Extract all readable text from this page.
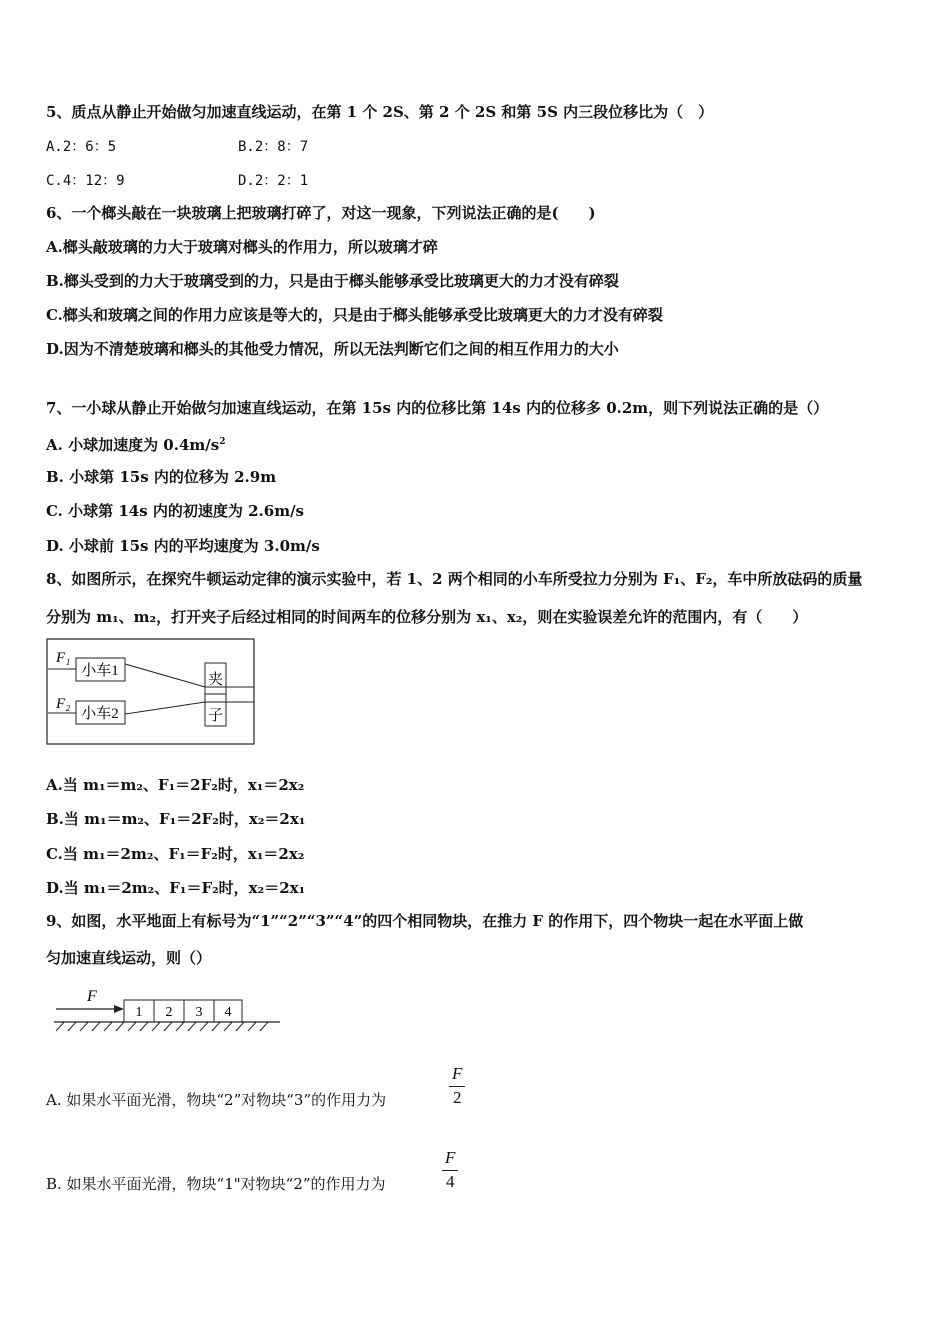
5、质点从静止开始做匀加速直线运动，在第 1 个 2S、第 2 个 2S 和第 5S 内三段位移比为（　）
A.2：6：5	B.2：8：7
C.4：12：9	D.2：2：1
6、一个榔头敲在一块玻璃上把玻璃打碎了，对这一现象，下列说法正确的是(　　)
A.榔头敲玻璃的力大于玻璃对榔头的作用力，所以玻璃才碎
B.榔头受到的力大于玻璃受到的力，只是由于榔头能够承受比玻璃更大的力才没有碎裂
C.榔头和玻璃之间的作用力应该是等大的，只是由于榔头能够承受比玻璃更大的力才没有碎裂
D.因为不清楚玻璃和榔头的其他受力情况，所以无法判断它们之间的相互作用力的大小
7、一小球从静止开始做匀加速直线运动，在第 15s 内的位移比第 14s 内的位移多 0.2m，则下列说法正确的是（）
A. 小球加速度为 $0.4m/s^2$
B. 小球第 15s 内的位移为 2.9m
C. 小球第 14s 内的初速度为 2.6m/s
D. 小球前 15s 内的平均速度为 3.0m/s
8、如图所示，在探究牛顿运动定律的演示实验中，若 1、2 两个相同的小车所受拉力分别为 F₁、F₂，车中所放砝码的质量
分别为 m₁、m₂，打开夹子后经过相同的时间两车的位移分别为 x₁、x₂，则在实验误差允许的范围内，有（　　）
F₁
F₂
小车1
小车2
夹
子
A.当 m₁＝m₂、F₁＝2F₂时，x₁＝2x₂
B.当 m₁＝m₂、F₁＝2F₂时，x₂＝2x₁
C.当 m₁＝2m₂、F₁＝F₂时，x₁＝2x₂
D.当 m₁＝2m₂、F₁＝F₂时，x₂＝2x₁
9、如图，水平地面上有标号为“1”“2”“3”“4”的四个相同物块，在推力 F 的作用下，四个物块一起在水平面上做
匀加速直线运动，则（）
F
1 2 3 4
A. 如果水平面光滑，物块“2”对物块“3”的作用力为	$\frac{F}{2}$
B. 如果水平面光滑，物块“1"对物块“2”的作用力为	$\frac{F}{4}$
